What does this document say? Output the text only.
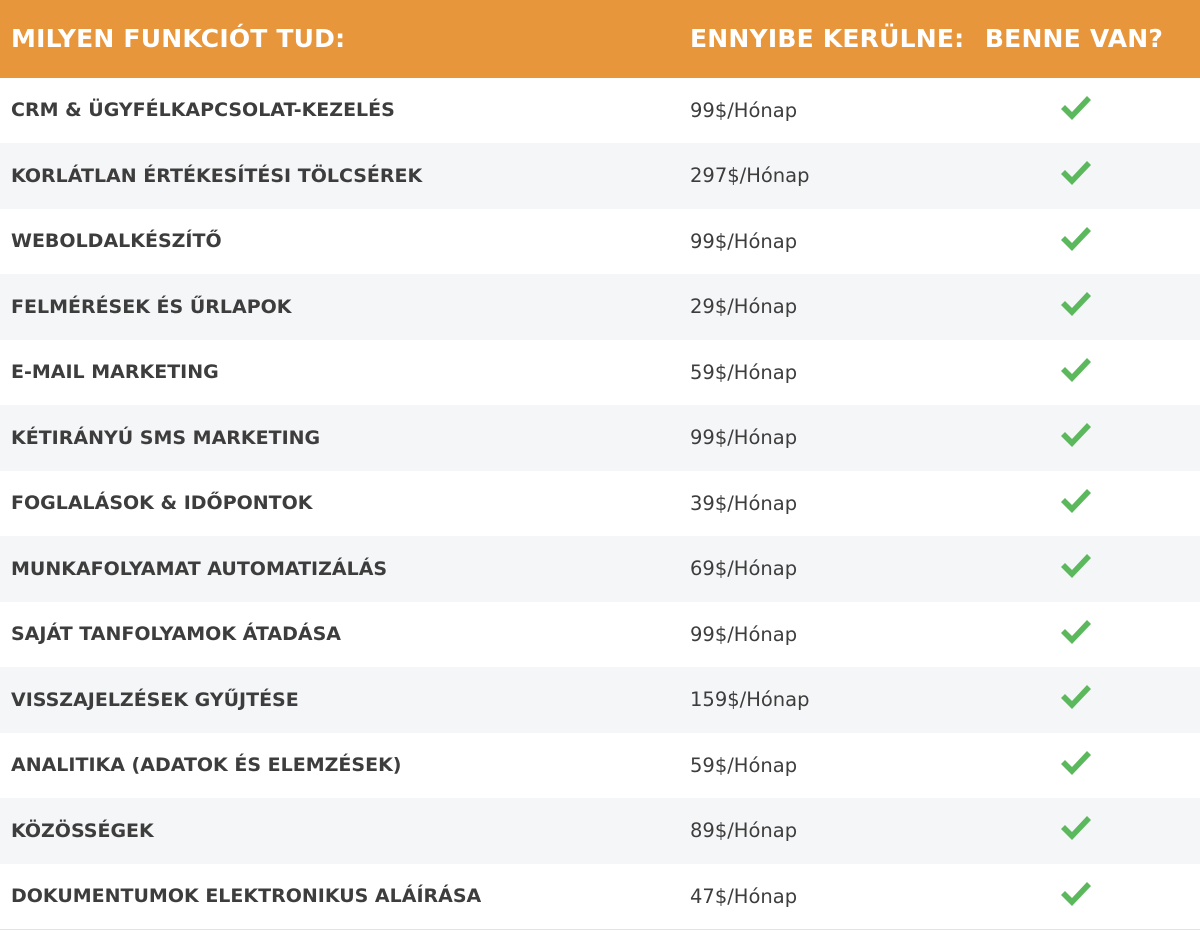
MILYEN FUNKCIÓT TUD:	ENNYIBE KERÜLNE: BENNE VAN?
CRM & ÜGYFÉLKAPCSOLAT-KEZELÉS	99$/Hónap
KORLÁTLAN ÉRTÉKESÍTÉSI TÖLCSÉREK	297$/Hónap
WEBOLDALKÉSZÍTŐ	99$/Hónap
FELMÉRÉSEK ÉS ŰRLAPOK	29$/Hónap
E-MAIL MARKETING	59$/Hónap
KÉTIRÁNYÚ SMS MARKETING	99$/Hónap
FOGLALÁSOK & IDŐPONTOK	39$/Hónap
MUNKAFOLYAMAT AUTOMATIZÁLÁS	69$/Hónap
SAJÁT TANFOLYAMOK ÁTADÁSA	99$/Hónap
VISSZAJELZÉSEK GYŰJTÉSE	159$/Hónap
ANALITIKA (ADATOK ÉS ELEMZÉSEK)	59$/Hónap
KÖZÖSSÉGEK	89$/Hónap
DOKUMENTUMOK ELEKTRONIKUS ALÁÍRÁSA	47$/Hónap
